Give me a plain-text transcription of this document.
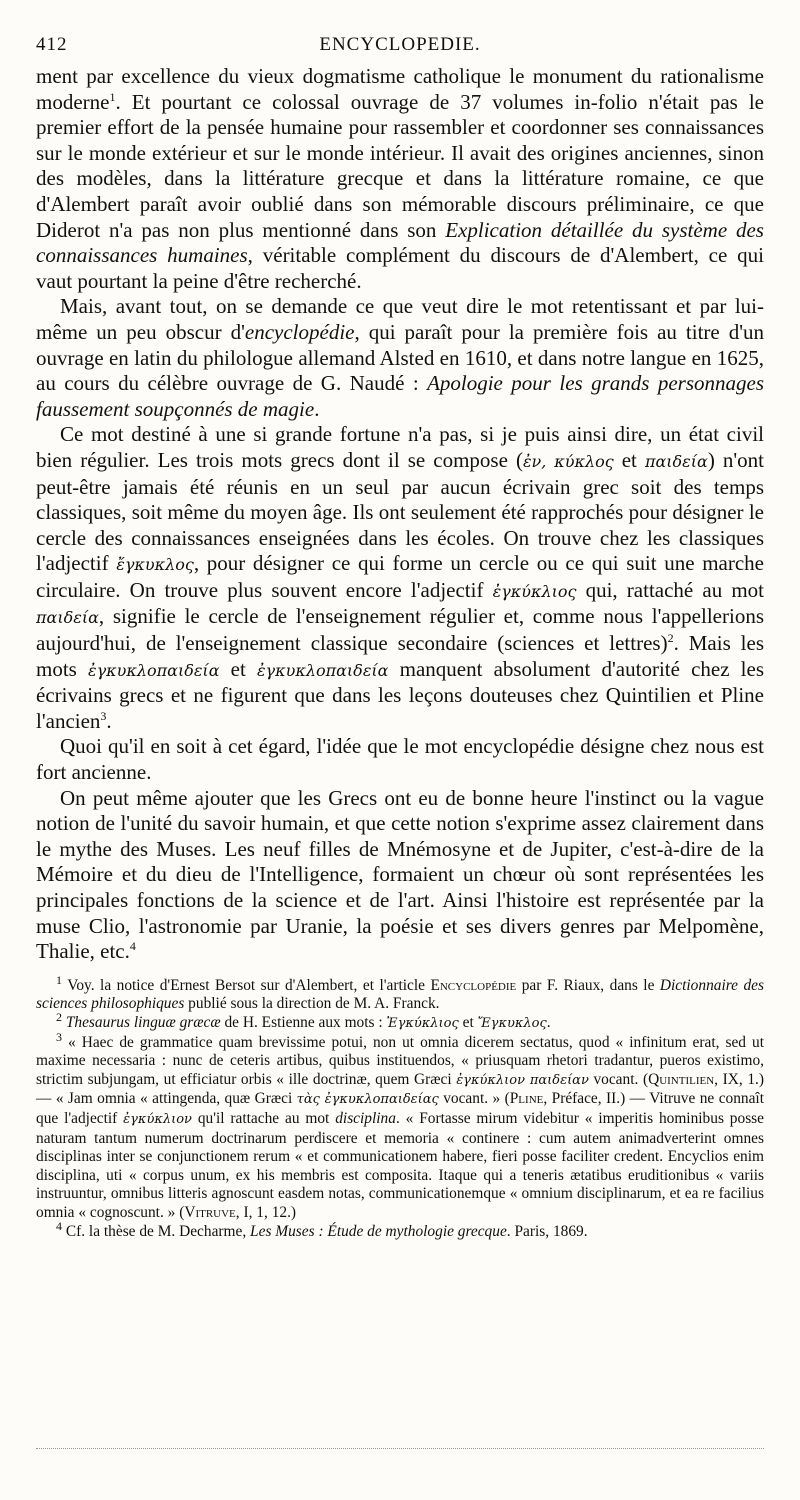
412	ENCYCLOPEDIE.

ment par excellence du vieux dogmatisme catholique le monument du rationalisme moderne$^1$. Et pourtant ce colossal ouvrage de 37 volumes in-folio n'était pas le premier effort de la pensée humaine pour rassembler et coordonner ses connaissances sur le monde extérieur et sur le monde intérieur. Il avait des origines anciennes, sinon des modèles, dans la littérature grecque et dans la littérature romaine, ce que d'Alembert paraît avoir oublié dans son mémorable discours préliminaire, ce que Diderot n'a pas non plus mentionné dans son Explication détaillée du système des connaissances humaines, véritable complément du discours de d'Alembert, ce qui vaut pourtant la peine d'être recherché.

Mais, avant tout, on se demande ce que veut dire le mot retentissant et par lui-même un peu obscur d'encyclopédie, qui paraît pour la première fois au titre d'un ouvrage en latin du philologue allemand Alsted en 1610, et dans notre langue en 1625, au cours du célèbre ouvrage de G. Naudé : Apologie pour les grands personnages faussement soupçonnés de magie.

Ce mot destiné à une si grande fortune n'a pas, si je puis ainsi dire, un état civil bien régulier. Les trois mots grecs dont il se compose (ἐν, κύκλος et παιδεία) n'ont peut-être jamais été réunis en un seul par aucun écrivain grec soit des temps classiques, soit même du moyen âge. Ils ont seulement été rapprochés pour désigner le cercle des connaissances enseignées dans les écoles. On trouve chez les classiques l'adjectif ἔγκυκλος, pour désigner ce qui forme un cercle ou ce qui suit une marche circulaire. On trouve plus souvent encore l'adjectif ἐγκύκλιος qui, rattaché au mot παιδεία, signifie le cercle de l'enseignement régulier et, comme nous l'appellerions aujourd'hui, de l'enseignement classique secondaire (sciences et lettres)$^2$. Mais les mots ἐγκυκλοπαιδεία et ἐγκυκλοπαιδεία manquent absolument d'autorité chez les écrivains grecs et ne figurent que dans les leçons douteuses chez Quintilien et Pline l'ancien$^3$.

Quoi qu'il en soit à cet égard, l'idée que le mot encyclopédie désigne chez nous est fort ancienne.

On peut même ajouter que les Grecs ont eu de bonne heure l'instinct ou la vague notion de l'unité du savoir humain, et que cette notion s'exprime assez clairement dans le mythe des Muses. Les neuf filles de Mnémosyne et de Jupiter, c'est-à-dire de la Mémoire et du dieu de l'Intelligence, formaient un chœur où sont représentées les principales fonctions de la science et de l'art. Ainsi l'histoire est représentée par la muse Clio, l'astronomie par Uranie, la poésie et ses divers genres par Melpomène, Thalie, etc.$^4$

$^1$ Voy. la notice d'Ernest Bersot sur d'Alembert, et l'article Encyclopédie par F. Riaux, dans le Dictionnaire des sciences philosophiques publié sous la direction de M. A. Franck.

$^2$ Thesaurus linguæ græcæ de H. Estienne aux mots : Ἐγκύκλιος et Ἔγκυκλος.

$^3$ « Haec de grammatice quam brevissime potui, non ut omnia dicerem sectatus, quod « infinitum erat, sed ut maxime necessaria : nunc de ceteris artibus, quibus instituendos, « priusquam rhetori tradantur, pueros existimo, strictim subjungam, ut efficiatur orbis « ille doctrinæ, quem Græci ἐγκύκλιον παιδείαν vocant. (Quintilien, IX, 1.) — « Jam omnia « attingenda, quæ Græci τὰς ἐγκυκλοπαιδείας vocant. » (Pline, Préface, II.) — Vitruve ne connaît que l'adjectif ἐγκύκλιον qu'il rattache au mot disciplina. « Fortasse mirum videbitur « imperitis hominibus posse naturam tantum numerum doctrinarum perdiscere et memoria « continere : cum autem animadverterint omnes disciplinas inter se conjunctionem rerum « et communicationem habere, fieri posse faciliter credent. Encyclios enim disciplina, uti « corpus unum, ex his membris est composita. Itaque qui a teneris ætatibus eruditionibus « variis instruuntur, omnibus litteris agnoscunt easdem notas, communicationemque « omnium disciplinarum, et ea re facilius omnia « cognoscunt. » (Vitruve, I, 1, 12.)

$^4$ Cf. la thèse de M. Decharme, Les Muses : Étude de mythologie grecque. Paris, 1869.
